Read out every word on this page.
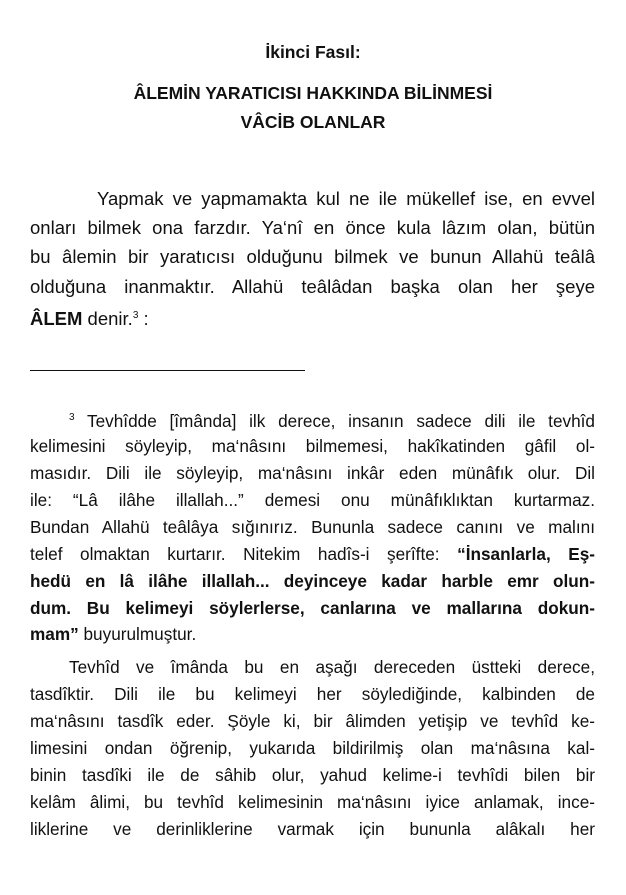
İkinci Fasıl:
ÂLEMİN YARATICISI HAKKINDA BİLİNMESİ
VÂCİB OLANLAR
Yapmak ve yapmamakta kul ne ile mükellef ise, en evvel
onları bilmek ona farzdır. Ya‘nî en önce kula lâzım olan, bütün
bu âlemin bir yaratıcısı olduğunu bilmek ve bunun Allahü teâlâ
olduğuna inanmaktır. Allahü teâlâdan başka olan her şeye
ÂLEM denir.$^3$ :
$^3$ Tevhîdde [îmânda] ilk derece, insanın sadece dili ile tevhîd
kelimesini söyleyip, ma‘nâsını bilmemesi, hakîkatinden gâfil ol-
masıdır. Dili ile söyleyip, ma‘nâsını inkâr eden münâfık olur. Dil
ile: “Lâ ilâhe illallah...” demesi onu münâfıklıktan kurtarmaz.
Bundan Allahü teâlâya sığınırız. Bununla sadece canını ve malını
telef olmaktan kurtarır. Nitekim hadîs-i şerîfte: “İnsanlarla, Eş-
hedü en lâ ilâhe illallah... deyinceye kadar harble emr olun-
dum. Bu kelimeyi söylerlerse, canlarına ve mallarına dokun-
mam” buyurulmuştur.
Tevhîd ve îmânda bu en aşağı dereceden üstteki derece,
tasdîktir. Dili ile bu kelimeyi her söylediğinde, kalbinden de
ma‘nâsını tasdîk eder. Şöyle ki, bir âlimden yetişip ve tevhîd ke-
limesini ondan öğrenip, yukarıda bildirilmiş olan ma‘nâsına kal-
binin tasdîki ile de sâhib olur, yahud kelime-i tevhîdi bilen bir
kelâm âlimi, bu tevhîd kelimesinin ma‘nâsını iyice anlamak, ince-
liklerine ve derinliklerine varmak için bununla alâkalı her
